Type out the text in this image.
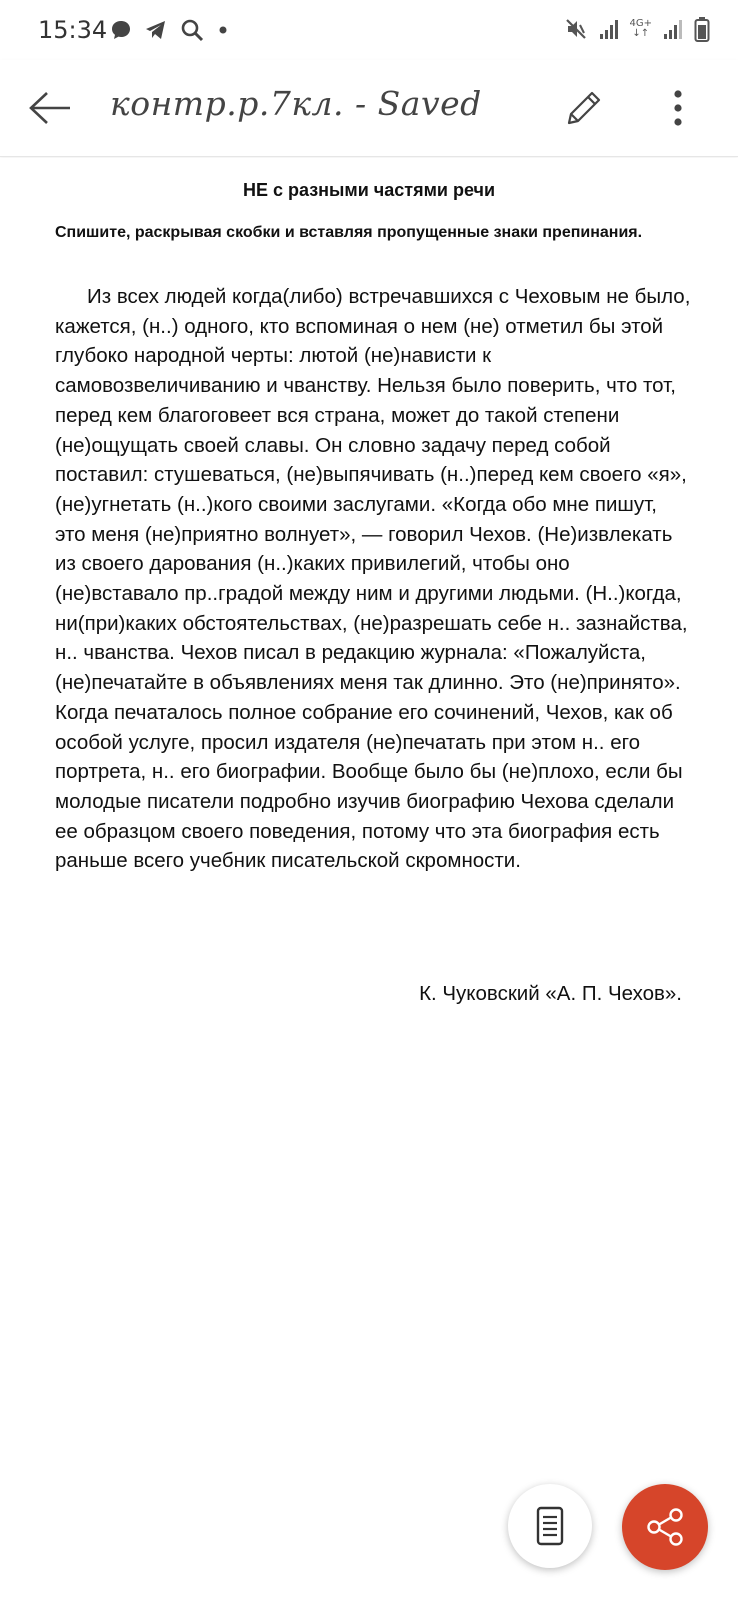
15:34	4G+
↓↑
контр.р.7кл. - Saved
НЕ с разными частями речи
Спишите, раскрывая скобки и вставляя пропущенные знаки препинания.
Из всех людей когда(либо) встречавшихся с Чеховым не было, кажется, (н..) одного, кто вспоминая о нем (не) отметил бы этой глубоко народной черты: лютой (не)нависти к самовозвеличиванию и чванству. Нельзя было поверить, что тот, перед кем благоговеет вся страна, может до такой степени (не)ощущать своей славы. Он словно задачу перед собой поставил: стушеваться, (не)выпячивать (н..)перед кем своего «я», (не)угнетать (н..)кого своими заслугами. «Когда обо мне пишут, это меня (не)приятно волнует», — говорил Чехов. (Не)извлекать из своего дарования (н..)каких привилегий, чтобы оно (не)вставало пр..градой между ним и другими людьми. (Н..)когда, ни(при)каких обстоятельствах, (не)разрешать себе н.. зазнайства, н.. чванства. Чехов писал в редакцию журнала: «Пожалуйста, (не)печатайте в объявлениях меня так длинно. Это (не)принято». Когда печаталось полное собрание его сочинений, Чехов, как об особой услуге, просил издателя (не)печатать при этом н.. его портрета, н.. его биографии. Вообще было бы (не)плохо, если бы молодые писатели подробно изучив биографию Чехова сделали ее образцом своего поведения, потому что эта биография есть раньше всего учебник писательской скромности.
К. Чуковский «А. П. Чехов».
